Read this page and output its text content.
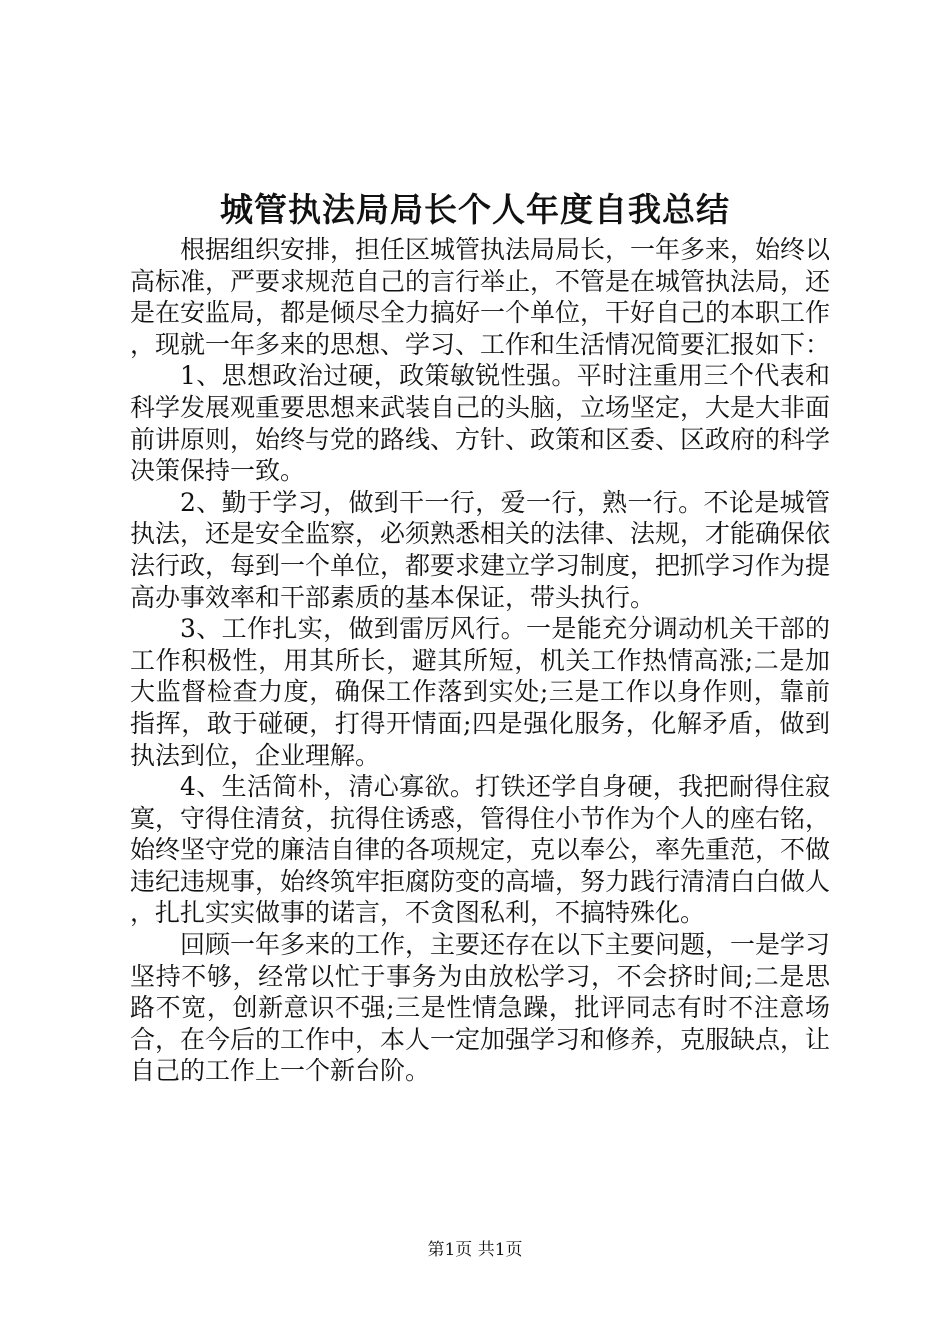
城管执法局局长个人年度自我总结

根据组织安排，担任区城管执法局局长，一年多来，始终以高标准，严要求规范自己的言行举止，不管是在城管执法局，还是在安监局，都是倾尽全力搞好一个单位，干好自己的本职工作，现就一年多来的思想、学习、工作和生活情况简要汇报如下：

1、思想政治过硬，政策敏锐性强。平时注重用三个代表和科学发展观重要思想来武装自己的头脑，立场坚定，大是大非面前讲原则，始终与党的路线、方针、政策和区委、区政府的科学决策保持一致。

2、勤于学习，做到干一行，爱一行，熟一行。不论是城管执法，还是安全监察，必须熟悉相关的法律、法规，才能确保依法行政，每到一个单位，都要求建立学习制度，把抓学习作为提高办事效率和干部素质的基本保证，带头执行。

3、工作扎实，做到雷厉风行。一是能充分调动机关干部的工作积极性，用其所长，避其所短，机关工作热情高涨;二是加大监督检查力度，确保工作落到实处;三是工作以身作则，靠前指挥，敢于碰硬，打得开情面;四是强化服务，化解矛盾，做到执法到位，企业理解。

4、生活简朴，清心寡欲。打铁还学自身硬，我把耐得住寂寞，守得住清贫，抗得住诱惑，管得住小节作为个人的座右铭，始终坚守党的廉洁自律的各项规定，克以奉公，率先重范，不做违纪违规事，始终筑牢拒腐防变的高墙，努力践行清清白白做人，扎扎实实做事的诺言，不贪图私利，不搞特殊化。

回顾一年多来的工作，主要还存在以下主要问题，一是学习坚持不够，经常以忙于事务为由放松学习，不会挤时间;二是思路不宽，创新意识不强;三是性情急躁，批评同志有时不注意场合，在今后的工作中，本人一定加强学习和修养，克服缺点，让自己的工作上一个新台阶。

第1页 共1页
